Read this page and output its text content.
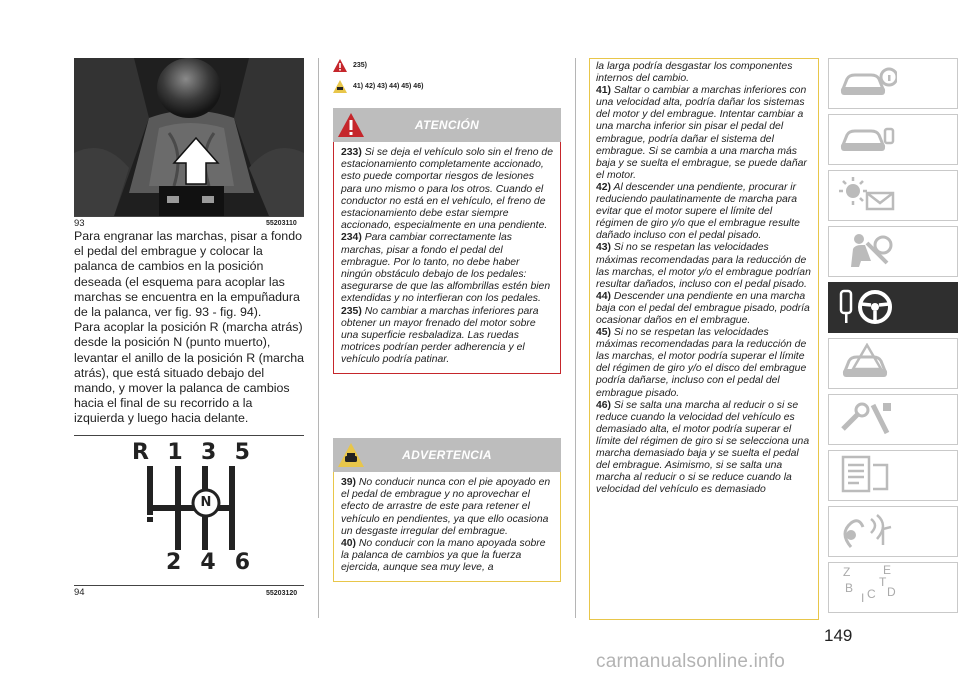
93	55203110

Para engranar las marchas, pisar a fondo el pedal del embrague y colocar la palanca de cambios en la posición deseada (el esquema para acoplar las marchas se encuentra en la empuñadura de la palanca, ver fig. 93 - fig. 94).

Para acoplar la posición R (marcha atrás) desde la posición N (punto muerto), levantar el anillo de la posición R (marcha atrás), que está situado debajo del mando, y mover la palanca de cambios hacia el final de su recorrido a la izquierda y luego hacia delante.

R 1 3 5
N
2 4 6
94	55203120
235)
41) 42) 43) 44) 45) 46)
ATENCIÓN

233) Si se deja el vehículo solo sin el freno de estacionamiento completamente accionado, esto puede comportar riesgos de lesiones para uno mismo o para los otros. Cuando el conductor no está en el vehículo, el freno de estacionamiento debe estar siempre accionado, especialmente en una pendiente.

234) Para cambiar correctamente las marchas, pisar a fondo el pedal del embrague. Por lo tanto, no debe haber ningún obstáculo debajo de los pedales: asegurarse de que las alfombrillas estén bien extendidas y no interfieran con los pedales.

235) No cambiar a marchas inferiores para obtener un mayor frenado del motor sobre una superficie resbaladiza. Las ruedas motrices podrían perder adherencia y el vehículo podría patinar.

ADVERTENCIA

39) No conducir nunca con el pie apoyado en el pedal de embrague y no aprovechar el efecto de arrastre de este para retener el vehículo en pendientes, ya que ello ocasiona un desgaste irregular del embrague.

40) No conducir con la mano apoyada sobre la palanca de cambios ya que la fuerza ejercida, aunque sea muy leve, a

la larga podría desgastar los componentes internos del cambio.

41) Saltar o cambiar a marchas inferiores con una velocidad alta, podría dañar los sistemas del motor y del embrague. Intentar cambiar a una marcha inferior sin pisar el pedal del embrague, podría dañar el sistema del embrague. Si se cambia a una marcha más baja y se suelta el embrague, se puede dañar el motor.

42) Al descender una pendiente, procurar ir reduciendo paulatinamente de marcha para evitar que el motor supere el límite del régimen de giro y/o que el embrague resulte dañado incluso con el pedal pisado.

43) Si no se respetan las velocidades máximas recomendadas para la reducción de las marchas, el motor y/o el embrague podrían resultar dañados, incluso con el pedal pisado.

44) Descender una pendiente en una marcha baja con el pedal del embrague pisado, podría ocasionar daños en el embrague.

45) Si no se respetan las velocidades máximas recomendadas para la reducción de las marchas, el motor podría superar el límite del régimen de giro y/o el disco del embrague podría dañarse, incluso con el pedal del embrague pisado.

46) Si se salta una marcha al reducir o si se reduce cuando la velocidad del vehículo es demasiado alta, el motor podría superar el límite del régimen de giro si se selecciona una marcha demasiado baja y se suelta el pedal del embrague. Asimismo, si se salta una marcha al reducir o si se reduce cuando la velocidad del vehículo es demasiado

Z	E
B C D
I
T
149
carmanualsonline.info
